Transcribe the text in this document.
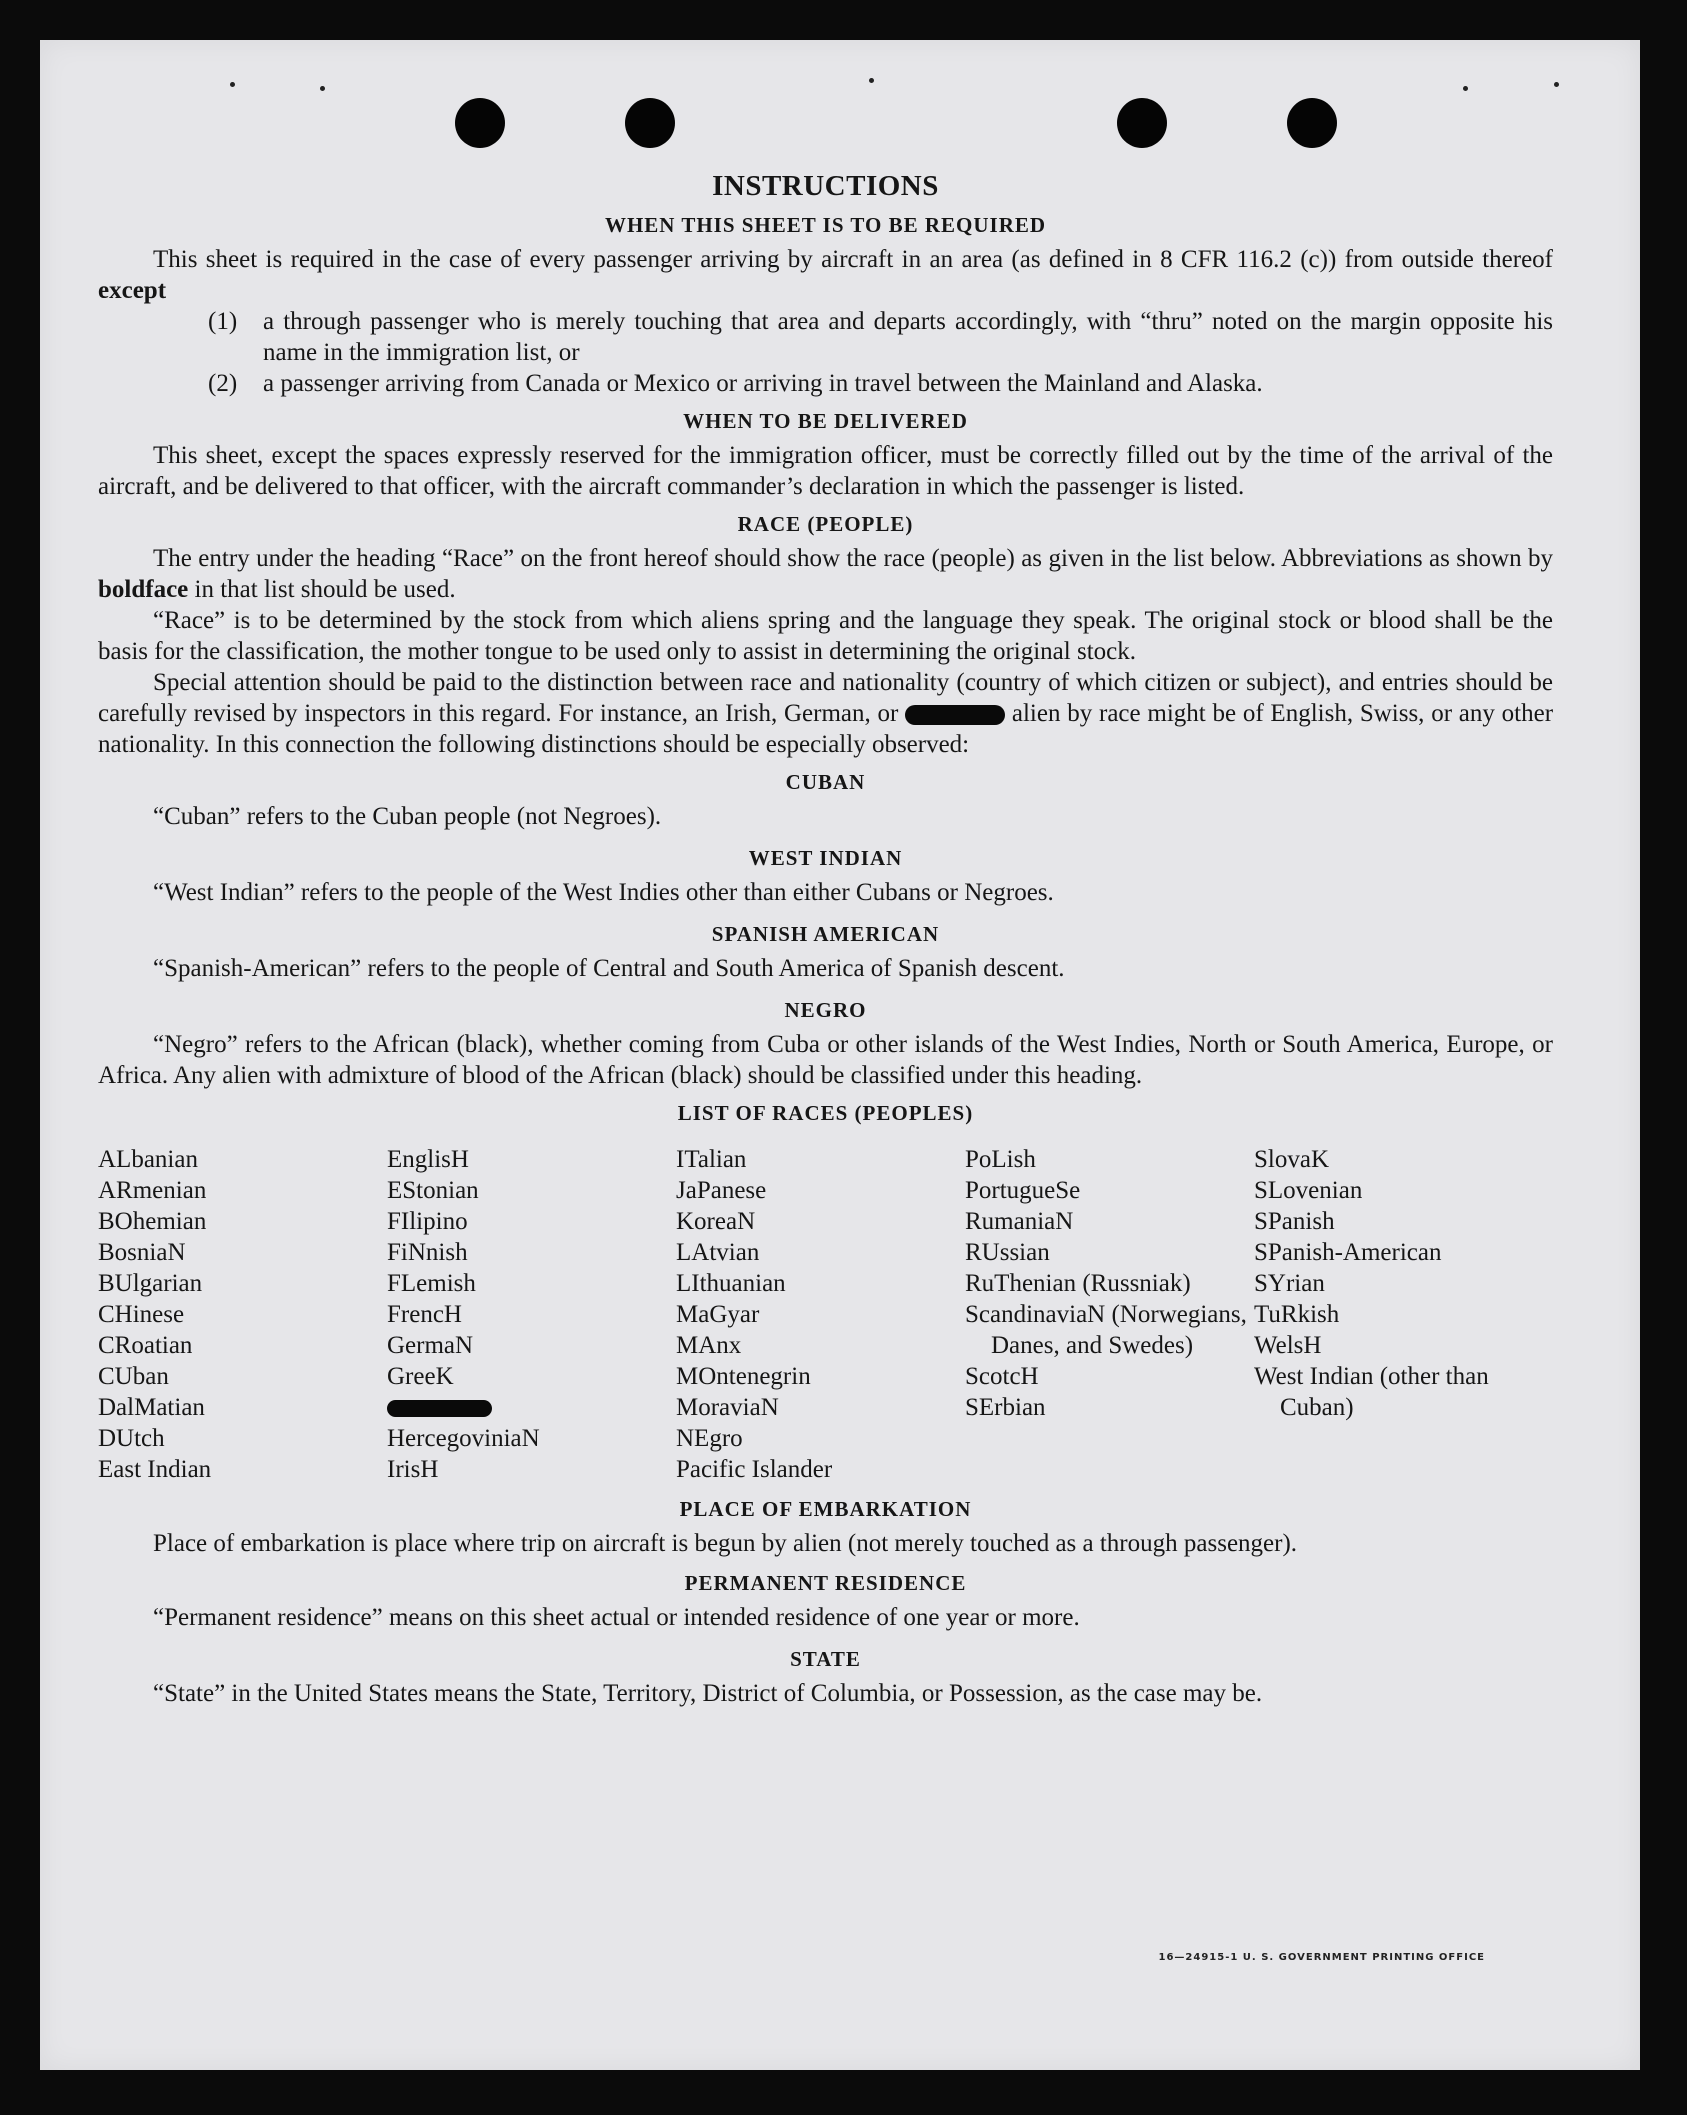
INSTRUCTIONS
WHEN THIS SHEET IS TO BE REQUIRED

This sheet is required in the case of every passenger arriving by aircraft in an area (as defined in 8 CFR 116.2 (c)) from outside thereof except

(1)	a through passenger who is merely touching that area and departs accordingly, with “thru” noted on the margin opposite his name in the immigration list, or
(2)	a passenger arriving from Canada or Mexico or arriving in travel between the Mainland and Alaska.
WHEN TO BE DELIVERED

This sheet, except the spaces expressly reserved for the immigration officer, must be correctly filled out by the time of the arrival of the aircraft, and be delivered to that officer, with the aircraft commander’s declaration in which the passenger is listed.

RACE (PEOPLE)

The entry under the heading “Race” on the front hereof should show the race (people) as given in the list below. Abbreviations as shown by boldface in that list should be used.

“Race” is to be determined by the stock from which aliens spring and the language they speak. The original stock or blood shall be the basis for the classification, the mother tongue to be used only to assist in determining the original stock.

Special attention should be paid to the distinction between race and nationality (country of which citizen or subject), and entries should be carefully revised by inspectors in this regard. For instance, an Irish, German, or	alien by race might be of English, Swiss, or any other nationality. In this connection the following distinctions should be especially observed:

CUBAN

“Cuban” refers to the Cuban people (not Negroes).

WEST INDIAN

“West Indian” refers to the people of the West Indies other than either Cubans or Negroes.

SPANISH AMERICAN

“Spanish-American” refers to the people of Central and South America of Spanish descent.

NEGRO

“Negro” refers to the African (black), whether coming from Cuba or other islands of the West Indies, North or South America, Europe, or Africa. Any alien with admixture of blood of the African (black) should be classified under this heading.

LIST OF RACES (PEOPLES)
ALbanian
ARmenian
BOhemian
BosniaN
BUlgarian
CHinese
CRoatian
CUban
DalMatian
DUtch
East Indian
EnglisH
EStonian
FIlipino
FiNnish
FLemish
FrencH
GermaN
GreeK
HercegoviniaN
IrisH
ITalian
JaPanese
KoreaN
LAtvian
LIthuanian
MaGyar
MAnx
MOntenegrin
MoraviaN
NEgro
Pacific Islander
PoLish
PortugueSe
RumaniaN
RUssian
RuThenian (Russniak)
ScandinaviaN (Norwegians, Danes, and Swedes)
ScotcH
SErbian
SlovaK
SLovenian
SPanish
SPanish-American
SYrian
TuRkish
WelsH
West Indian (other than Cuban)
PLACE OF EMBARKATION

Place of embarkation is place where trip on aircraft is begun by alien (not merely touched as a through passenger).

PERMANENT RESIDENCE

“Permanent residence” means on this sheet actual or intended residence of one year or more.

STATE

“State” in the United States means the State, Territory, District of Columbia, or Possession, as the case may be.

16—24915-1 U. S. GOVERNMENT PRINTING OFFICE
